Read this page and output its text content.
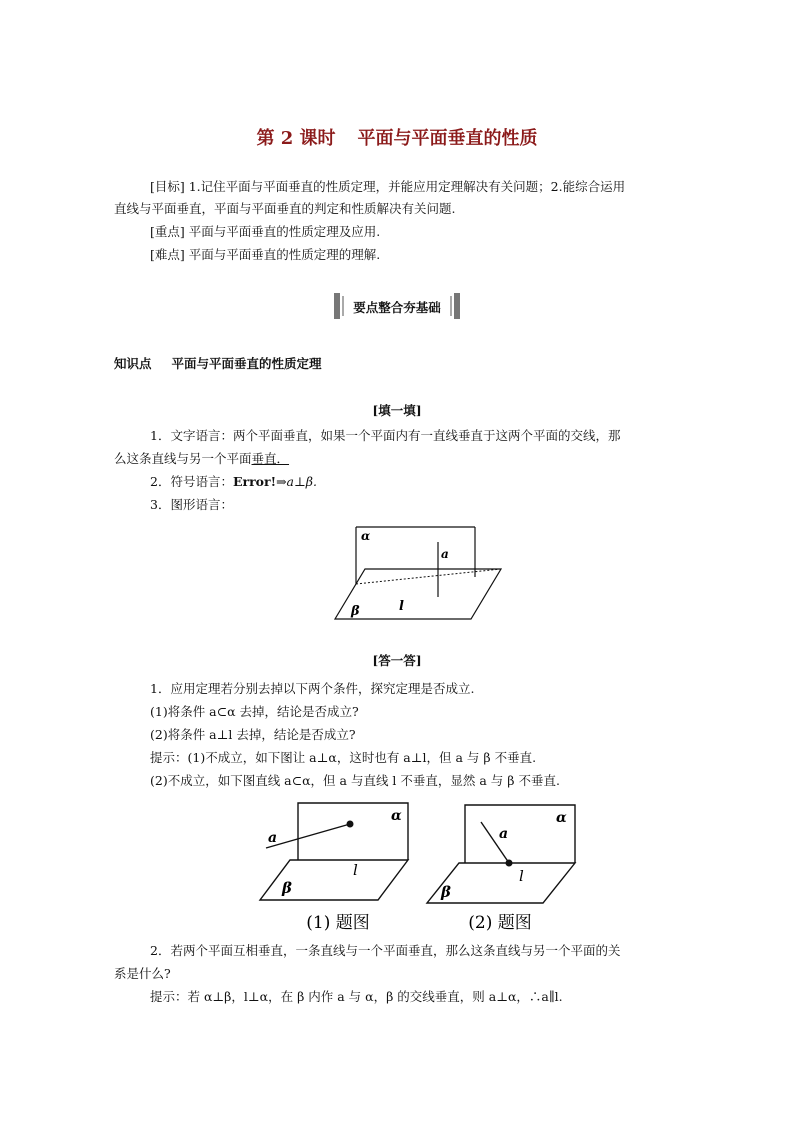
第 2 课时 平面与平面垂直的性质
[目标] 1.记住平面与平面垂直的性质定理，并能应用定理解决有关问题；2.能综合运用
直线与平面垂直，平面与平面垂直的判定和性质解决有关问题.
[重点] 平面与平面垂直的性质定理及应用.
[难点] 平面与平面垂直的性质定理的理解.
要点整合夯基础
知识点 平面与平面垂直的性质定理
[填一填]
1．文字语言：两个平面垂直，如果一个平面内有一直线垂直于这两个平面的交线，那
么这条直线与另一个平面垂直．
2．符号语言：Error!⇒a⊥β.
3．图形语言：
α
a
β	l
[答一答]
1．应用定理若分别去掉以下两个条件，探究定理是否成立.
(1)将条件 a⊂α 去掉，结论是否成立?
(2)将条件 a⊥l 去掉，结论是否成立?
提示：(1)不成立，如下图让 a⊥α，这时也有 a⊥l，但 a 与 β 不垂直.
(2)不成立，如下图直线 a⊂α，但 a 与直线 l 不垂直，显然 a 与 β 不垂直.
α
a
β
l
(1) 题图
α
a
β
l
(2) 题图
2．若两个平面互相垂直，一条直线与一个平面垂直，那么这条直线与另一个平面的关
系是什么?
提示：若 α⊥β，l⊥α，在 β 内作 a 与 α，β 的交线垂直，则 a⊥α，∴a∥l.
